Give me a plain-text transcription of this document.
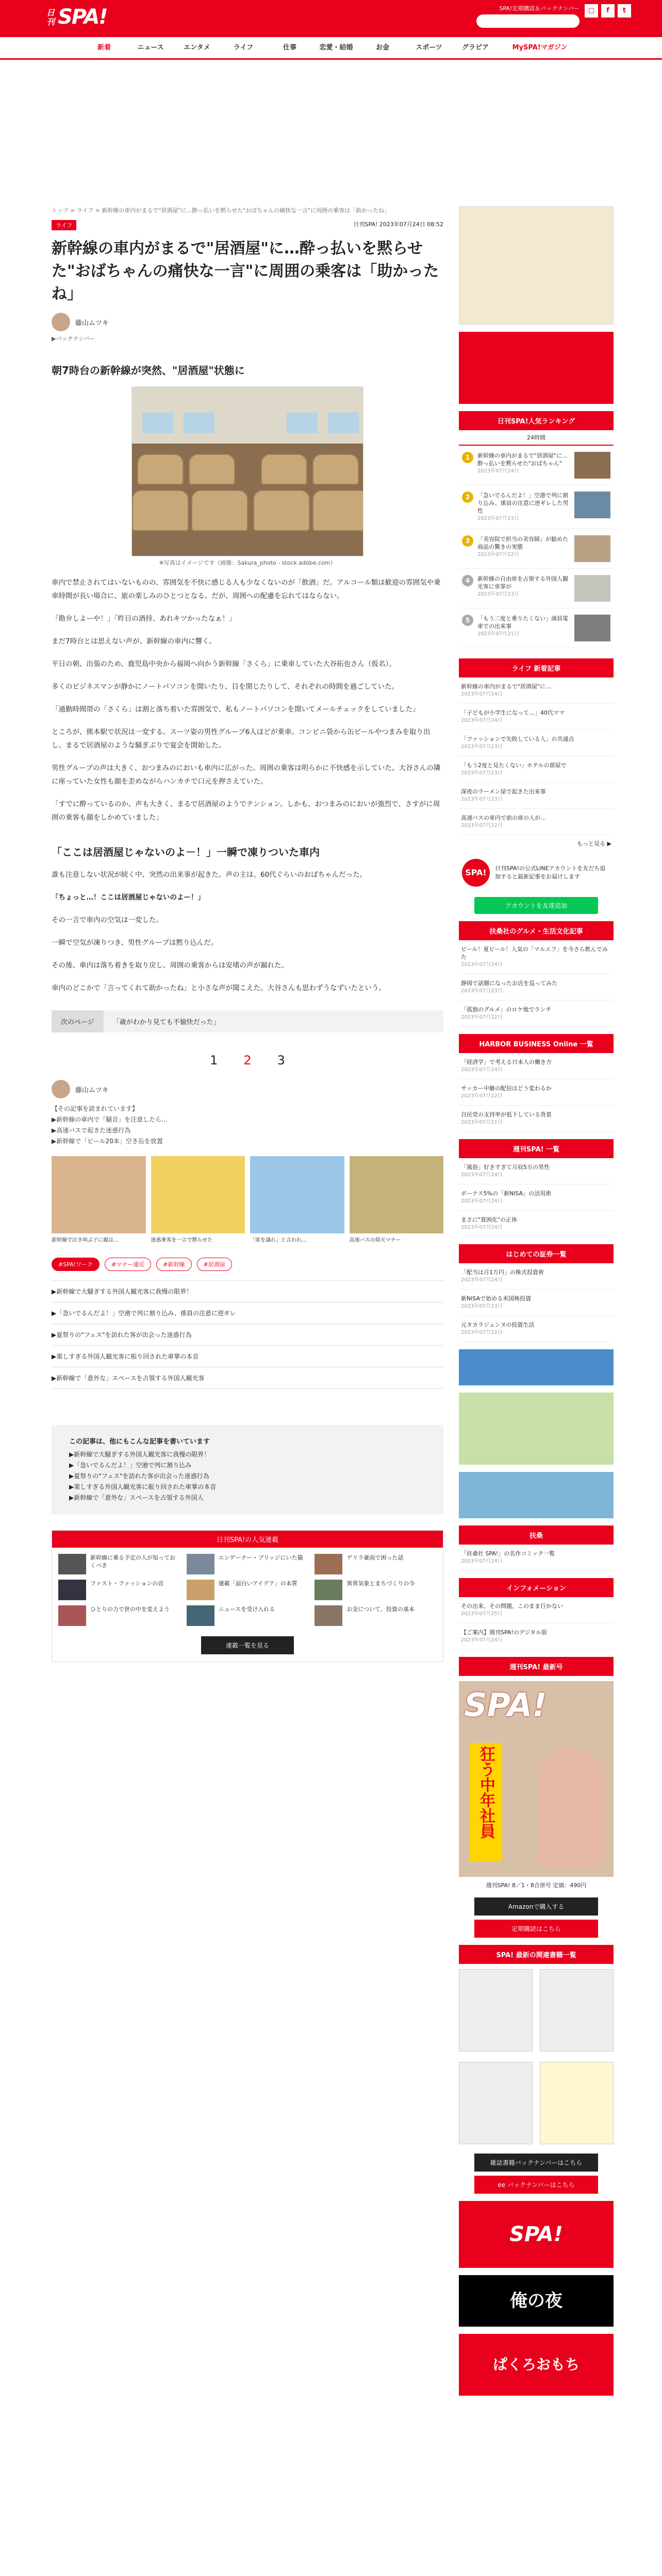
日刊 SPA!	SPA!定期購読＆バックナンバー	□	f	t
新着	ニュース	エンタメ	ライフ	仕事	恋愛・結婚	お金	スポーツ	グラビア	MySPA!マガジン
トップ > ライフ > 新幹線の車内がまるで"居酒屋"に…酔っ払いを黙らせた"おばちゃんの痛快な一言"に周囲の乗客は「助かったね」
ライフ	日刊SPA! 2023年07月24日 08:52
新幹線の車内がまるで"居酒屋"に…酔っ払いを黙らせた"おばちゃんの痛快な一言"に周囲の乗客は「助かったね」
藤山ムツキ
▶バックナンバー
朝7時台の新幹線が突然、"居酒屋"状態に
※写真はイメージです（画像：Sakura_photo - stock.adobe.com）

車内で禁止されてはいないものの、雰囲気を不快に感じる人も少なくないのが「飲酒」だ。アルコール類は歓迎の雰囲気や乗車時間が長い場合に、旅の楽しみのひとつとなる。だが、周囲への配慮を忘れてはならない。

「勘弁しよーや！」「昨日の酒持、あれキツかったなぁ！」

まだ7時台とは思えない声が、新幹線の車内に響く。

平日の朝、出張のため、鹿児島中央から福岡へ向かう新幹線「さくら」に乗車していた大谷拓也さん（仮名）。

多くのビジネスマンが静かにノートパソコンを開いたり、目を閉じたりして、それぞれの時間を過ごしていた。

「通勤時間帯の「さくら」は割と落ち着いた雰囲気で、私もノートパソコンを開いてメールチェックをしていました」

ところが、熊本駅で状況は一変する。スーツ姿の男性グループ6人ほどが乗車。コンビニ袋から缶ビールやつまみを取り出し、まるで居酒屋のような騒ぎぶりで宴会を開始した。

男性グループの声は大きく、おつまみのにおいも車内に広がった。周囲の乗客は明らかに不快感を示していた。大谷さんの隣に座っていた女性も顔を歪めながらハンカチで口元を押さえていた。

「すでに酔っているのか、声も大きく、まるで居酒屋のようでテンション。しかも、おつまみのにおいが強烈で、さすがに周囲の乗客も顔をしかめていました」

「ここは居酒屋じゃないのよ－！」一瞬で凍りついた車内

誰も注意しない状況が続く中、突然の出来事が起きた。声の主は、60代ぐらいのおばちゃんだった。

「ちょっと…！ここは居酒屋じゃないのよー！」

その一言で車内の空気は一変した。

一瞬で空気が凍りつき、男性グループは黙り込んだ。

その後、車内は落ち着きを取り戻し、周囲の乗客からは安堵の声が漏れた。

車内のどこかで「言ってくれて助かったね」と小さな声が聞こえた。大谷さんも思わずうなずいたという。

次のページ	「歳がわかり見ても不愉快だった」
1 2 3
藤山ムツキ
【その記事を読まれています】
▶新幹線の車内で「騒音」を注意したら…
▶高速バスで起きた迷惑行為
▶新幹線で「ビール20本」空き缶を放置
新幹線で泣き叫ぶ子に親は…	迷惑乗客を一言で黙らせた	「席を譲れ」と言われ…	高速バスの仰天マナー
#SPA!ワーク	#マナー違反	#新幹線	#居酒屋
▶新幹線で大騒ぎする外国人観光客に我慢の限界！
▶「急いでるんだよ！」空港で列に割り込み、係員の注意に逆ギレ
▶夏祭りの"フェス"を訪れた客が出会った迷惑行為
▶楽しすぎる外国人観光客に振り回された車掌の本音
▶新幹線で「意外な」スペースを占領する外国人観光客
この記事は、他にもこんな記事を書いています
▶新幹線で大騒ぎする外国人観光客に我慢の限界！
▶「急いでるんだよ！」空港で列に割り込み
▶夏祭りの"フェス"を訪れた客が出会った迷惑行為
▶楽しすぎる外国人観光客に振り回された車掌の本音
▶新幹線で「意外な」スペースを占領する外国人
日刊SPA!の人気連載
新幹線に乗る予定の人が知っておくべき
エンゲーナー・ブリッジにいた猫	ゲリラ豪雨で困った話
ファスト・ファッションの店	連載「面白いアイデア」の本質	異常気象とまちづくりの今
ひとりの力で世の中を変えよう	ニュースを受け入れる	お金について、投資の基本
連載一覧を見る
日刊SPA!人気ランキング
24時間
1	新幹線の車内がまるで"居酒屋"に…酔っ払いを黙らせた"おばちゃん"
2023年07月24日
2	「急いでるんだよ！」空港で列に割り込み、係員の注意に逆ギレした男性
2023年07月23日
3	「美容院で担当の美容師」が勧めた商品の驚きの実態
2023年07月22日
4	新幹線の自由席を占領する外国人観光客に車掌が
2023年07月23日
5	「もう二度と乗りたくない」満員電車での出来事
2023年07月21日
ライフ 新着記事
新幹線の車内がまるで"居酒屋"に…
2023年07月24日
「子どもが小学生になって…」40代ママ
2023年07月24日
「ファッションで失敗している人」の共通点
2023年07月23日
「もう2度と見たくない」ホテルの部屋で
2023年07月23日
深夜のラーメン屋で起きた出来事
2023年07月23日
高速バスの車内で前の席の人が…
2023年07月22日
もっと見る ▶
SPA!	日刊SPA!の公式LINEアカウントを友だち追加すると最新記事をお届けします
アカウントを友達追加
扶桑社のグルメ・生活文化記事
ビール！夏ビール！人気の「マルエフ」を今さら飲んでみた
2023年07月24日
静岡で話題になったお店を巡ってみた
2023年07月23日
「孤独のグルメ」のロケ地でランチ
2023年07月22日
HARBOR BUSINESS Online 一覧
「経済学」で考える日本人の働き方
2023年07月24日
サッカー中継の配信はどう変わるか
2023年07月22日
自民党の支持率が低下している背景
2023年07月21日
週刊SPA! 一覧
「風俗」好きすぎて月収5万の男性
2023年07月24日
ボーナス5%の「新NISA」の活用術
2023年07月24日
まさに"貧困化"の正体
2023年07月24日
はじめての証券一覧
「配当は月1万円」の株式投資術
2023年07月24日
新NISAで始める米国株投資
2023年07月23日
元タカラジェンヌの投資生活
2023年07月22日
扶桑
「扶桑社 SPA!」の名作コミック一覧
2023年07月24日
インフォメーション
その出来、その問題、このまま行かない
2023年07月25日
【ご案内】週刊SPA!のデジタル版
2023年07月24日
週刊SPA! 最新号
SPA!
狂う中年社員
週刊SPA! 8／1・8合併号 定価：490円
Amazonで購入する
定期購読はこちら
SPA! 最新の関連書籍一覧
雑誌書籍バックナンバーはこちら
ee バックナンバーはこちら
SPA!
俺の夜
ぱくろおもち
